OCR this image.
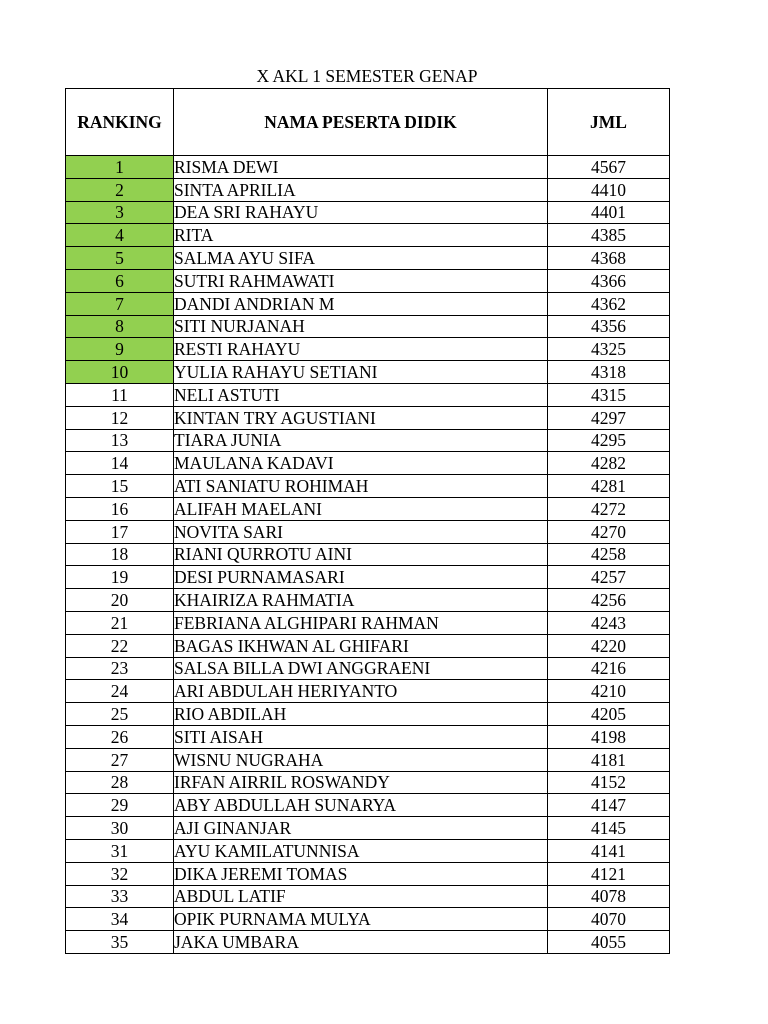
X AKL 1 SEMESTER GENAP
RANKING	NAMA PESERTA DIDIK	JML
1	RISMA DEWI	4567
2	SINTA APRILIA	4410
3	DEA SRI RAHAYU	4401
4	RITA	4385
5	SALMA AYU SIFA	4368
6	SUTRI RAHMAWATI	4366
7	DANDI ANDRIAN M	4362
8	SITI NURJANAH	4356
9	RESTI RAHAYU	4325
10	YULIA RAHAYU SETIANI	4318
11	NELI ASTUTI	4315
12	KINTAN TRY AGUSTIANI	4297
13	TIARA JUNIA	4295
14	MAULANA KADAVI	4282
15	ATI SANIATU ROHIMAH	4281
16	ALIFAH MAELANI	4272
17	NOVITA SARI	4270
18	RIANI QURROTU AINI	4258
19	DESI PURNAMASARI	4257
20	KHAIRIZA RAHMATIA	4256
21	FEBRIANA ALGHIPARI RAHMAN	4243
22	BAGAS IKHWAN AL GHIFARI	4220
23	SALSA BILLA DWI ANGGRAENI	4216
24	ARI ABDULAH HERIYANTO	4210
25	RIO ABDILAH	4205
26	SITI AISAH	4198
27	WISNU NUGRAHA	4181
28	IRFAN AIRRIL ROSWANDY	4152
29	ABY ABDULLAH SUNARYA	4147
30	AJI GINANJAR	4145
31	AYU KAMILATUNNISA	4141
32	DIKA JEREMI TOMAS	4121
33	ABDUL LATIF	4078
34	OPIK PURNAMA MULYA	4070
35	JAKA UMBARA	4055
